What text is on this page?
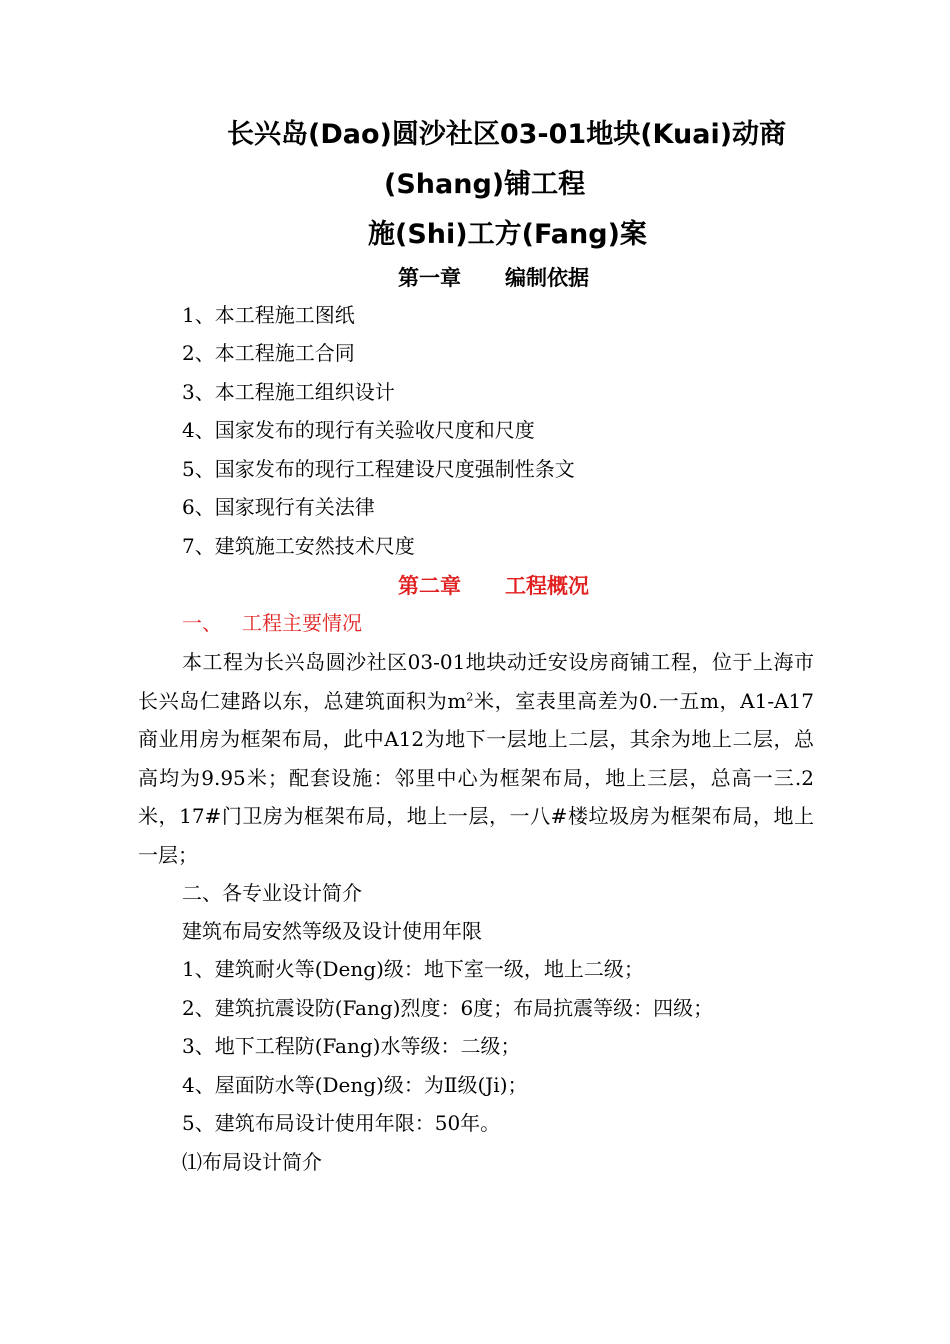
长兴岛(Dao)圆沙社区03-01地块(Kuai)动商
(Shang)铺工程
施(Shi)工方(Fang)案
第一章 编制依据
1、本工程施工图纸
2、本工程施工合同
3、本工程施工组织设计
4、国家发布的现行有关验收尺度和尺度
5、国家发布的现行工程建设尺度强制性条文
6、国家现行有关法律
7、建筑施工安然技术尺度
第二章 工程概况
一、 工程主要情况
本工程为长兴岛圆沙社区03-01地块动迁安设房商铺工程，位于上海市长兴岛仁建路以东，总建筑面积为$m^2$米，室表里高差为0.一五m，A1-A17商业用房为框架布局，此中A12为地下一层地上二层，其余为地上二层，总高均为9.95米；配套设施：邻里中心为框架布局，地上三层，总高一三.2米，17#门卫房为框架布局，地上一层，一八#楼垃圾房为框架布局，地上一层；
二、各专业设计简介
建筑布局安然等级及设计使用年限
1、建筑耐火等(Deng)级：地下室一级，地上二级；
2、建筑抗震设防(Fang)烈度：6度；布局抗震等级：四级；
3、地下工程防(Fang)水等级：二级；
4、屋面防水等(Deng)级：为Ⅱ级(Ji)；
5、建筑布局设计使用年限：50年。
⑴布局设计简介
